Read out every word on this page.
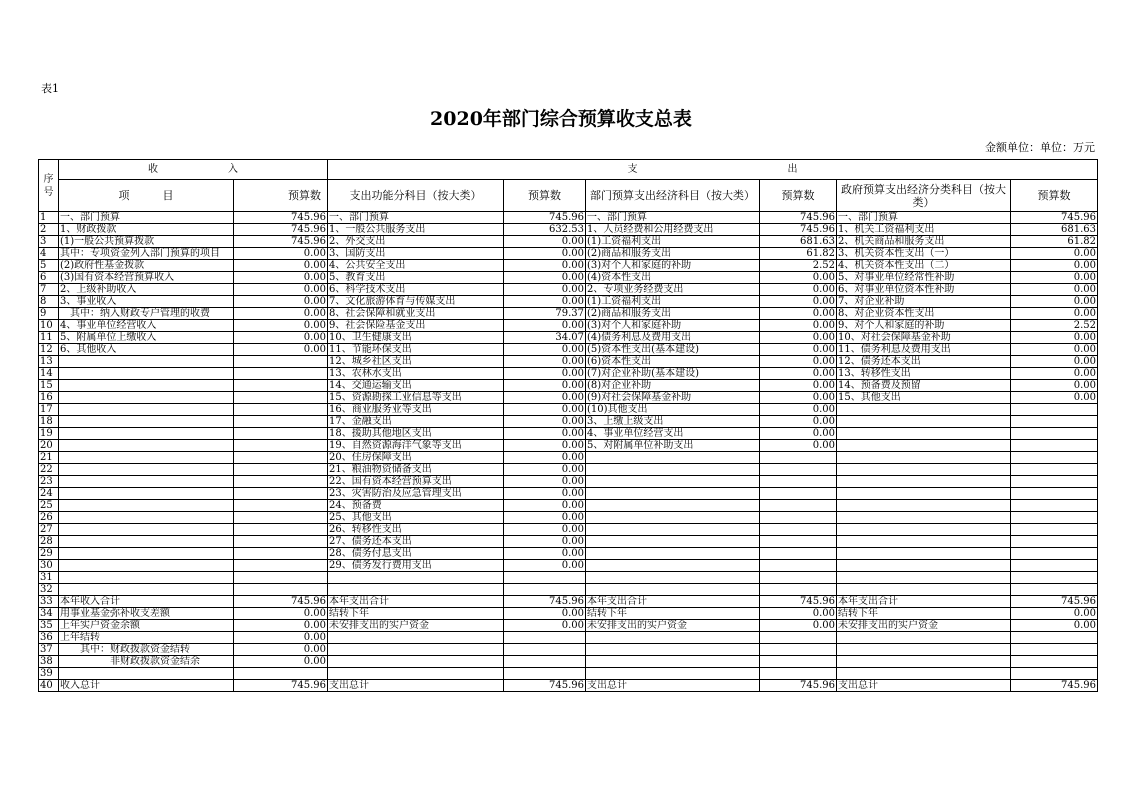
表1
2020年部门综合预算收支总表
金额单位：单位：万元
序号	收　　　　　　　入		支　　　　　　　　　　　　　　　出					
	项　　　目	预算数	支出功能分科目（按大类）	预算数	部门预算支出经济科目（按大类）	预算数	政府预算支出经济分类科目（按大类）	预算数
1	一、部门预算	745.96	一、部门预算	745.96	一、部门预算	745.96	一、部门预算	745.96
2	1、财政拨款	745.96	1、一般公共服务支出	632.53	1、人员经费和公用经费支出	745.96	1、机关工资福利支出	681.63
3	(1)一般公共预算拨款	745.96	2、外交支出	0.00	(1)工资福利支出	681.63	2、机关商品和服务支出	61.82
4	其中：专项资金列入部门预算的项目	0.00	3、国防支出	0.00	(2)商品和服务支出	61.82	3、机关资本性支出（一）	0.00
5	(2)政府性基金拨款	0.00	4、公共安全支出	0.00	(3)对个人和家庭的补助	2.52	4、机关资本性支出（二）	0.00
6	(3)国有资本经营预算收入	0.00	5、教育支出	0.00	(4)资本性支出	0.00	5、对事业单位经常性补助	0.00
7	2、上级补助收入	0.00	6、科学技术支出	0.00	2、专项业务经费支出	0.00	6、对事业单位资本性补助	0.00
8	3、事业收入	0.00	7、文化旅游体育与传媒支出	0.00	(1)工资福利支出	0.00	7、对企业补助	0.00
9	　其中：纳入财政专户管理的收费	0.00	8、社会保障和就业支出	79.37	(2)商品和服务支出	0.00	8、对企业资本性支出	0.00
10	4、事业单位经营收入	0.00	9、社会保险基金支出	0.00	(3)对个人和家庭补助	0.00	9、对个人和家庭的补助	2.52
11	5、附属单位上缴收入	0.00	10、卫生健康支出	34.07	(4)债务利息及费用支出	0.00	10、对社会保障基金补助	0.00
12	6、其他收入	0.00	11、节能环保支出	0.00	(5)资本性支出(基本建设)	0.00	11、债务利息及费用支出	0.00
13			12、城乡社区支出	0.00	(6)资本性支出	0.00	12、债务还本支出	0.00
14			13、农林水支出	0.00	(7)对企业补助(基本建设)	0.00	13、转移性支出	0.00
15			14、交通运输支出	0.00	(8)对企业补助	0.00	14、预备费及预留	0.00
16			15、资源勘探工业信息等支出	0.00	(9)对社会保障基金补助	0.00	15、其他支出	0.00
17			16、商业服务业等支出	0.00	(10)其他支出	0.00		
18			17、金融支出	0.00	3、上缴上级支出	0.00		
19			18、援助其他地区支出	0.00	4、事业单位经营支出	0.00		
20			19、自然资源海洋气象等支出	0.00	5、对附属单位补助支出	0.00		
21			20、住房保障支出	0.00				
22			21、粮油物资储备支出	0.00				
23			22、国有资本经营预算支出	0.00				
24			23、灾害防治及应急管理支出	0.00				
25			24、预备费	0.00				
26			25、其他支出	0.00				
27			26、转移性支出	0.00				
28			27、债务还本支出	0.00				
29			28、债务付息支出	0.00				
30			29、债务发行费用支出	0.00				
31								
32								
33	本年收入合计	745.96	本年支出合计	745.96	本年支出合计	745.96	本年支出合计	745.96
34	用事业基金弥补收支差额	0.00	结转下年	0.00	结转下年	0.00	结转下年	0.00
35	上年实户资金余额	0.00	未安排支出的实户资金	0.00	未安排支出的实户资金	0.00	未安排支出的实户资金	0.00
36	上年结转	0.00						
37	　　其中：财政拨款资金结转	0.00						
38	　　　　　非财政拨款资金结余	0.00						
39								
40	收入总计	745.96	支出总计	745.96	支出总计	745.96	支出总计	745.96
